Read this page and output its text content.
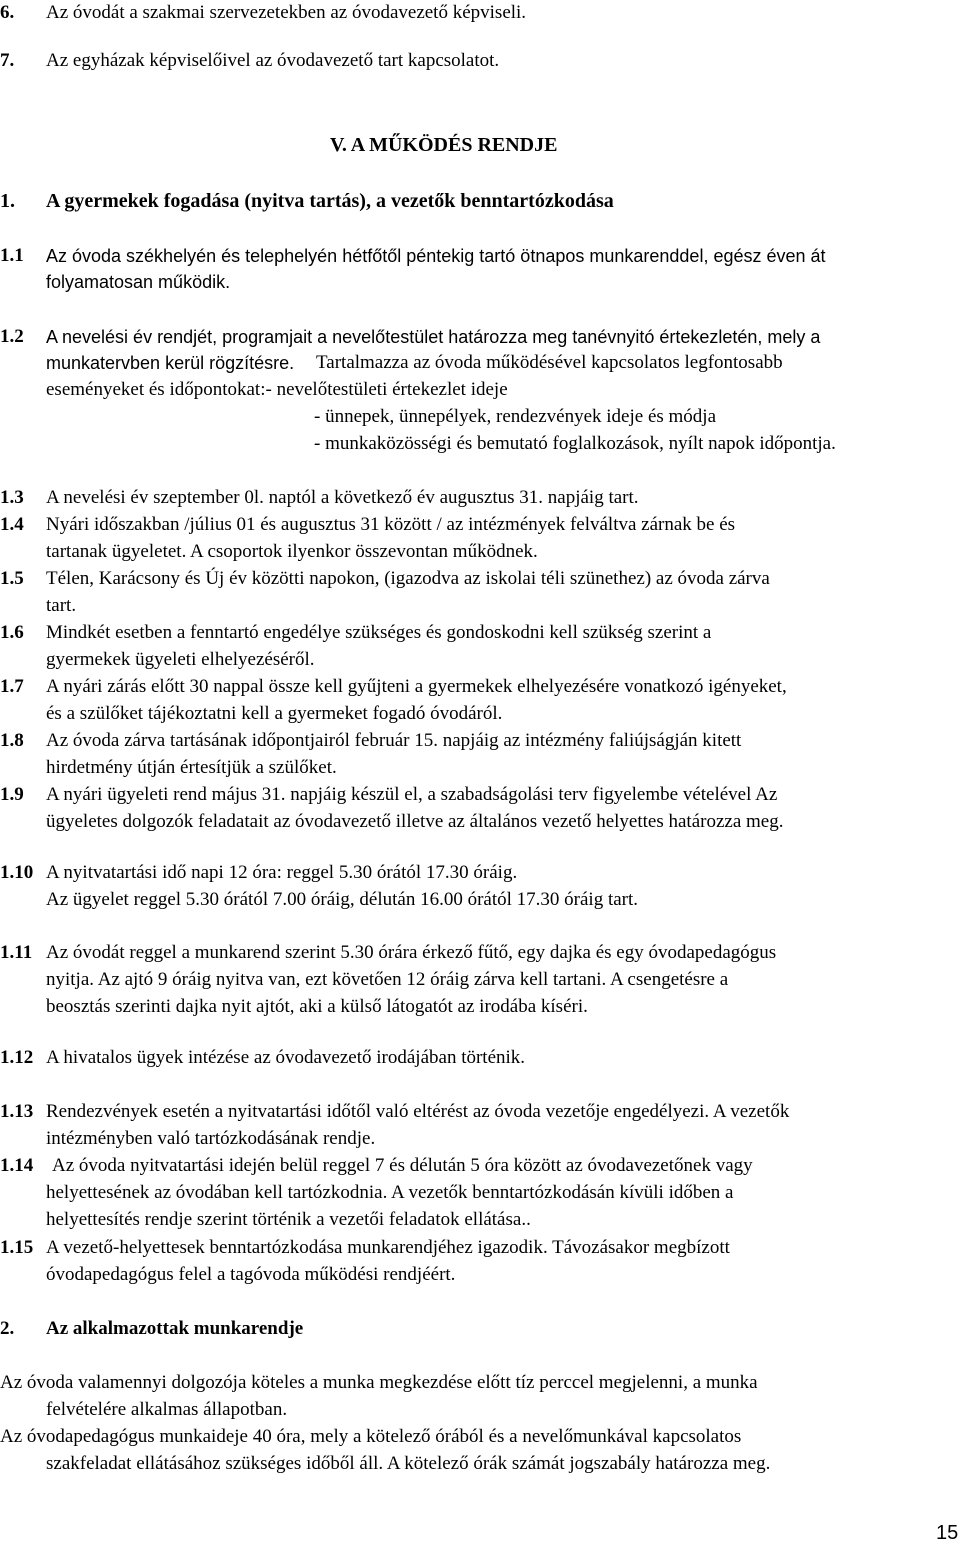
6. Az óvodát a szakmai szervezetekben az óvodavezető képviseli.
7. Az egyházak képviselőivel az óvodavezető tart kapcsolatot.
V. A MŰKÖDÉS RENDJE
1. A gyermekek fogadása (nyitva tartás), a vezetők benntartózkodása
1.1 Az óvoda székhelyén és telephelyén hétfőtől péntekig tartó ötnapos munkarenddel, egész éven át
folyamatosan működik.
1.2 A nevelési év rendjét, programjait a nevelőtestület határozza meg tanévnyitó értekezletén, mely a
munkatervben kerül rögzítésre. Tartalmazza az óvoda működésével kapcsolatos legfontosabb
eseményeket és időpontokat:- nevelőtestületi értekezlet ideje
- ünnepek, ünnepélyek, rendezvények ideje és módja
- munkaközösségi és bemutató foglalkozások, nyílt napok időpontja.
1.3 A nevelési év szeptember 0l. naptól a következő év augusztus 31. napjáig tart.
1.4 Nyári időszakban /július 01 és augusztus 31 között / az intézmények felváltva zárnak be és
tartanak ügyeletet. A csoportok ilyenkor összevontan működnek.
1.5 Télen, Karácsony és Új év közötti napokon, (igazodva az iskolai téli szünethez) az óvoda zárva
tart.
1.6 Mindkét esetben a fenntartó engedélye szükséges és gondoskodni kell szükség szerint a
gyermekek ügyeleti elhelyezéséről.
1.7 A nyári zárás előtt 30 nappal össze kell gyűjteni a gyermekek elhelyezésére vonatkozó igényeket,
és a szülőket tájékoztatni kell a gyermeket fogadó óvodáról.
1.8 Az óvoda zárva tartásának időpontjairól február 15. napjáig az intézmény faliújságján kitett
hirdetmény útján értesítjük a szülőket.
1.9 A nyári ügyeleti rend május 31. napjáig készül el, a szabadságolási terv figyelembe vételével Az
ügyeletes dolgozók feladatait az óvodavezető illetve az általános vezető helyettes határozza meg.
1.10 A nyitvatartási idő napi 12 óra: reggel 5.30 órától 17.30 óráig.
Az ügyelet reggel 5.30 órától 7.00 óráig, délután 16.00 órától 17.30 óráig tart.
1.11 Az óvodát reggel a munkarend szerint 5.30 órára érkező fűtő, egy dajka és egy óvodapedagógus
nyitja. Az ajtó 9 óráig nyitva van, ezt követően 12 óráig zárva kell tartani. A csengetésre a
beosztás szerinti dajka nyit ajtót, aki a külső látogatót az irodába kíséri.
1.12 A hivatalos ügyek intézése az óvodavezető irodájában történik.
1.13 Rendezvények esetén a nyitvatartási időtől való eltérést az óvoda vezetője engedélyezi. A vezetők
intézményben való tartózkodásának rendje.
1.14 Az óvoda nyitvatartási idején belül reggel 7 és délután 5 óra között az óvodavezetőnek vagy
helyettesének az óvodában kell tartózkodnia. A vezetők benntartózkodásán kívüli időben a
helyettesítés rendje szerint történik a vezetői feladatok ellátása..
1.15 A vezető-helyettesek benntartózkodása munkarendjéhez igazodik. Távozásakor megbízott
óvodapedagógus felel a tagóvoda működési rendjéért.
2. Az alkalmazottak munkarendje
Az óvoda valamennyi dolgozója köteles a munka megkezdése előtt tíz perccel megjelenni, a munka
felvételére alkalmas állapotban.
Az óvodapedagógus munkaideje 40 óra, mely a kötelező órából és a nevelőmunkával kapcsolatos
szakfeladat ellátásához szükséges időből áll. A kötelező órák számát jogszabály határozza meg.
15
